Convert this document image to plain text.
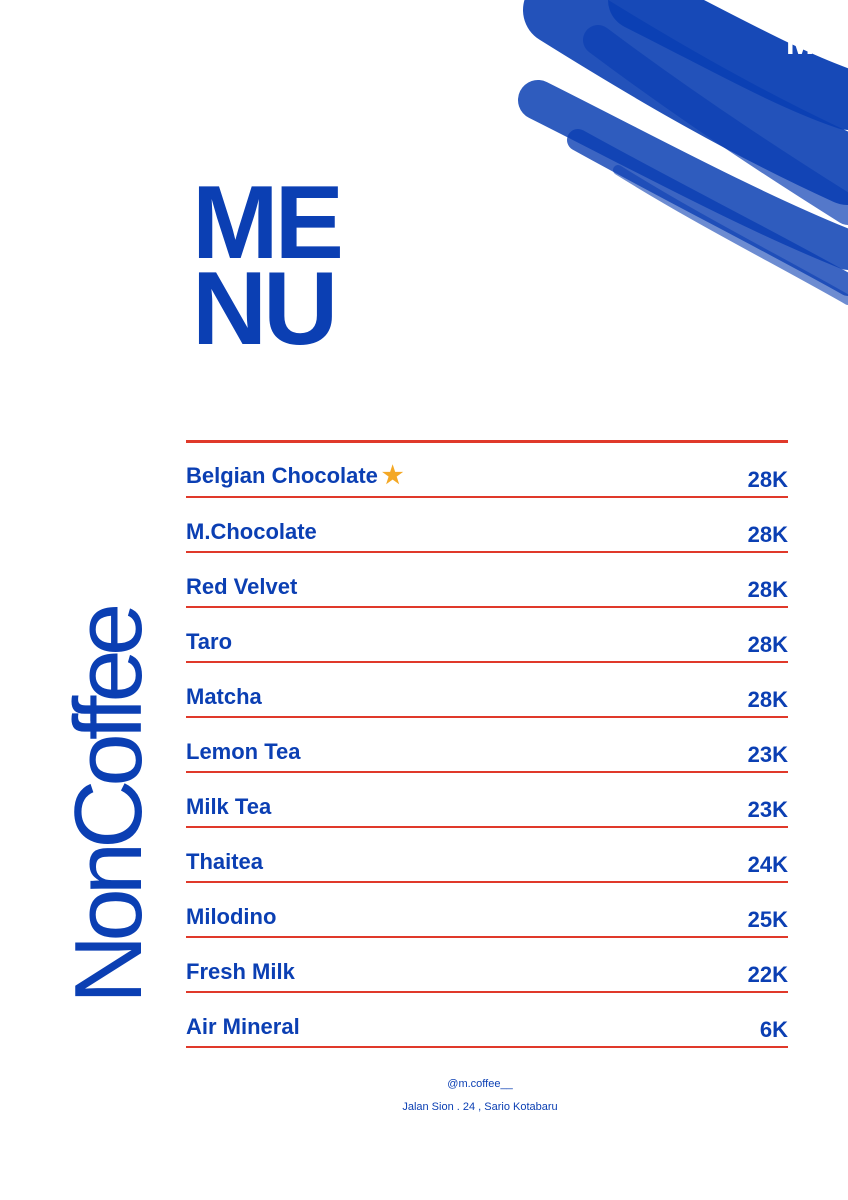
M
ME
NU
NonCoffee
Belgian Chocolate ★	28K
M.Chocolate	28K
Red Velvet	28K
Taro	28K
Matcha	28K
Lemon Tea	23K
Milk Tea	23K
Thaitea	24K
Milodino	25K
Fresh Milk	22K
Air Mineral	6K
@m.coffee__
Jalan Sion . 24 , Sario Kotabaru
